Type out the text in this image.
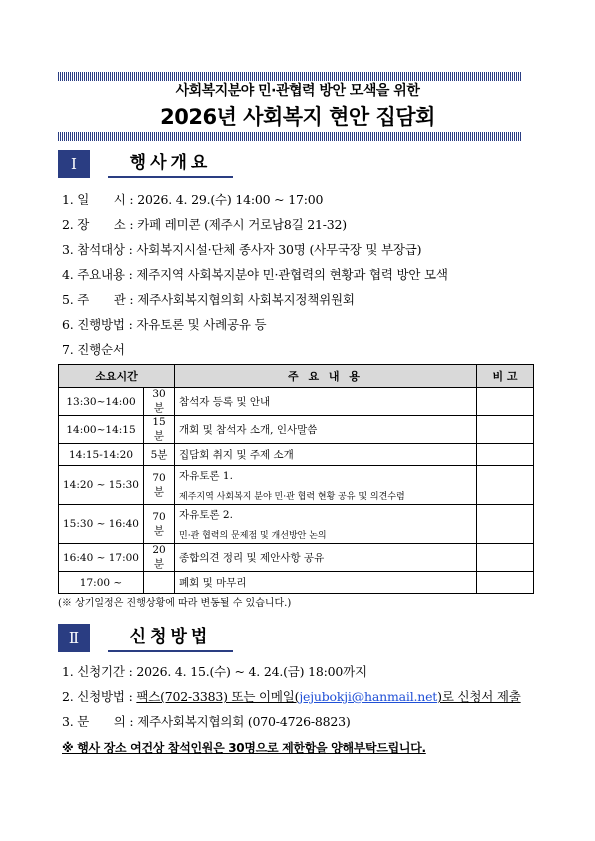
사회복지분야 민·관협력 방안 모색을 위한
2026년 사회복지 현안 집담회
Ⅰ	행사개요
1. 일　　시 : 2026. 4. 29.(수) 14:00 ~ 17:00
2. 장　　소 : 카페 레미콘 (제주시 거로남8길 21-32)
3. 참석대상 : 사회복지시설·단체 종사자 30명 (사무국장 및 부장급)
4. 주요내용 : 제주지역 사회복지분야 민·관협력의 현황과 협력 방안 모색
5. 주　　관 : 제주사회복지협의회 사회복지정책위원회
6. 진행방법 : 자유토론 및 사례공유 등
7. 진행순서
소요시간		주 요 내 용	비 고
13:30~14:00	30분	참석자 등록 및 안내	
14:00~14:15	15분	개회 및 참석자 소개, 인사말씀	
14:15-14:20	5분	집담회 취지 및 주제 소개	
14:20 ~ 15:30	70분	자유토론 1.
제주지역 사회복지 분야 민·관 협력 현황 공유 및 의견수렴	

15:30 ~ 16:40	70분	자유토론 2.
민·관 협력의 문제점 및 개선방안 논의	

16:40 ~ 17:00	20분	종합의견 정리 및 제안사항 공유	
17:00 ~		폐회 및 마무리	
(※ 상기일정은 진행상황에 따라 변동될 수 있습니다.)
Ⅱ	신청방법
1. 신청기간 : 2026. 4. 15.(수) ~ 4. 24.(금) 18:00까지
2. 신청방법 : 팩스(702-3383) 또는 이메일(jejubokji@hanmail.net)로 신청서 제출
3. 문　　의 : 제주사회복지협의회 (070-4726-8823)
※ 행사 장소 여건상 참석인원은 30명으로 제한함을 양해부탁드립니다.
